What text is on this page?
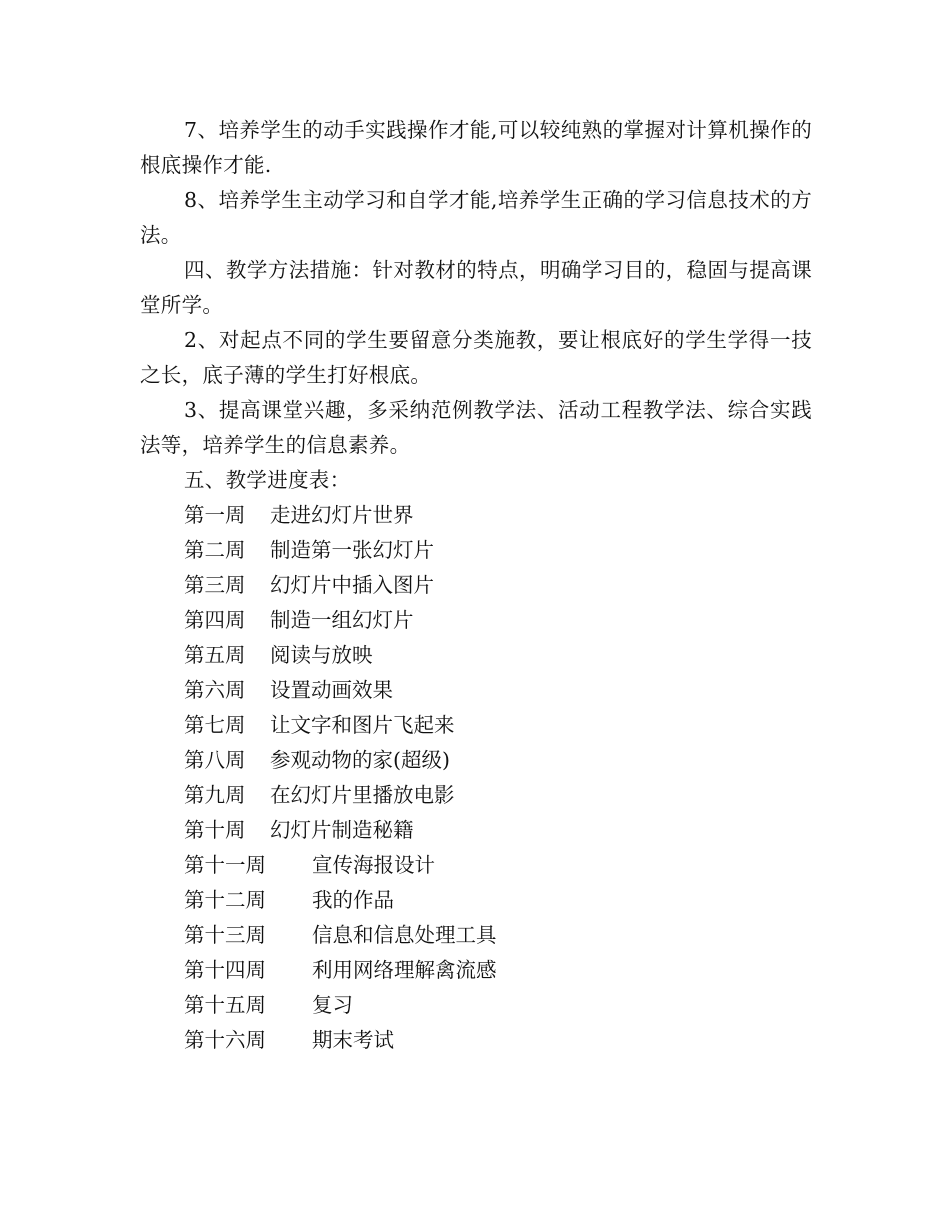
7、培养学生的动手实践操作才能,可以较纯熟的掌握对计算机操作的根底操作才能.

8、培养学生主动学习和自学才能,培养学生正确的学习信息技术的方法。

四、教学方法措施：针对教材的特点，明确学习目的，稳固与提高课堂所学。

2、对起点不同的学生要留意分类施教，要让根底好的学生学得一技之长，底子薄的学生打好根底。

3、提高课堂兴趣，多采纳范例教学法、活动工程教学法、综合实践法等，培养学生的信息素养。

五、教学进度表：

第一周	走进幻灯片世界
第二周	制造第一张幻灯片
第三周	幻灯片中插入图片
第四周	制造一组幻灯片
第五周	阅读与放映
第六周	设置动画效果
第七周	让文字和图片飞起来
第八周	参观动物的家(超级)
第九周	在幻灯片里播放电影
第十周	幻灯片制造秘籍
第十一周	宣传海报设计
第十二周	我的作品
第十三周	信息和信息处理工具
第十四周	利用网络理解禽流感
第十五周	复习
第十六周	期末考试
